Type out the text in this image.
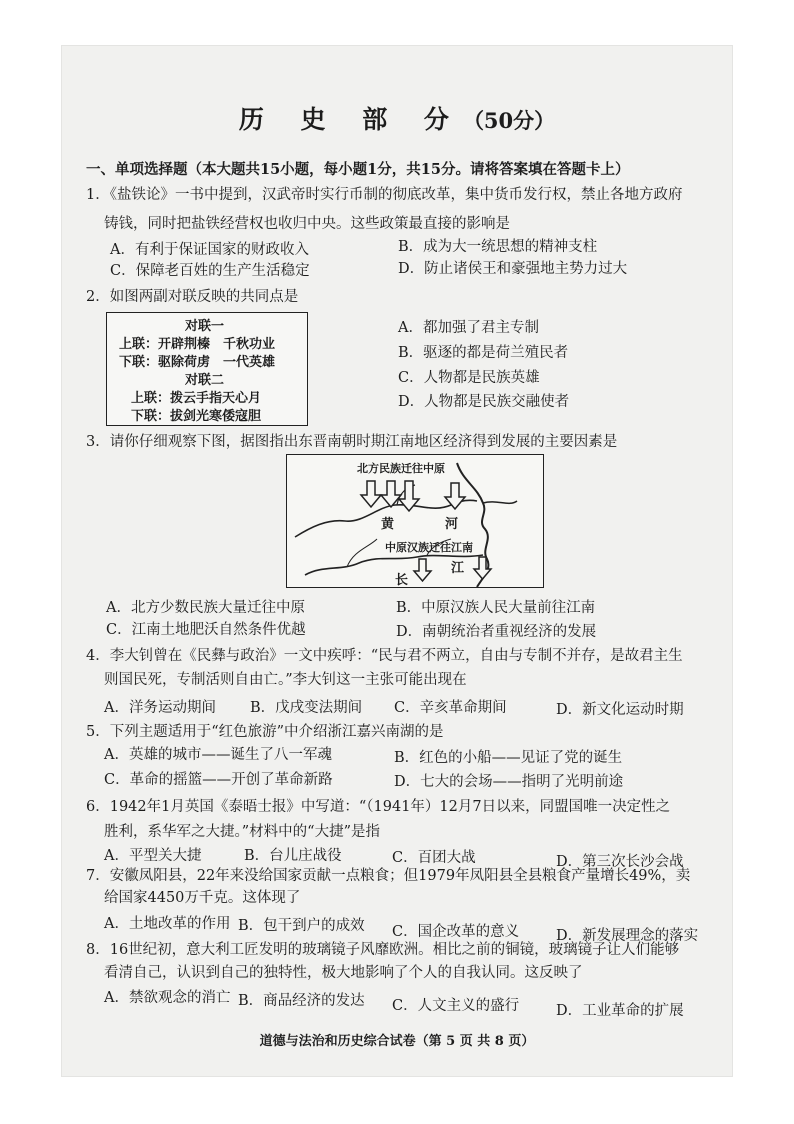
历 史 部 分（50分）
一、单项选择题（本大题共15小题，每小题1分，共15分。请将答案填在答题卡上）
1．《盐铁论》一书中提到，汉武帝时实行币制的彻底改革，集中货币发行权，禁止各地方政府
铸钱，同时把盐铁经营权也收归中央。这些政策最直接的影响是
A．有利于保证国家的财政收入	B．成为大一统思想的精神支柱
C．保障老百姓的生产生活稳定	D．防止诸侯王和豪强地主势力过大
2．如图两副对联反映的共同点是
对联一
上联：开辟荆榛　千秋功业
下联：驱除荷虏　一代英雄
对联二
上联：拨云手指天心月
下联：拔剑光寒倭寇胆
A．都加强了君主专制
B．驱逐的都是荷兰殖民者
C．人物都是民族英雄
D．人物都是民族交融使者
3．请你仔细观察下图，据图指出东晋南朝时期江南地区经济得到发展的主要因素是
北方民族迁往中原
黄	河
中原汉族迁往江南
江
长
A．北方少数民族大量迁往中原	B．中原汉族人民大量前往江南
C．江南土地肥沃自然条件优越	D．南朝统治者重视经济的发展
4．李大钊曾在《民彝与政治》一文中疾呼：“民与君不两立，自由与专制不并存，是故君主生
则国民死，专制活则自由亡。”李大钊这一主张可能出现在
A．洋务运动期间 B．戊戌变法期间 C．辛亥革命期间	D．新文化运动时期
5．下列主题适用于“红色旅游”中介绍浙江嘉兴南湖的是
A．英雄的城市——诞生了八一军魂	B．红色的小船——见证了党的诞生
C．革命的摇篮——开创了革命新路	D．七大的会场——指明了光明前途
6．1942年1月英国《泰晤士报》中写道：“（1941年）12月7日以来，同盟国唯一决定性之
胜利，系华军之大捷。”材料中的“大捷”是指
A．平型关大捷	B．台儿庄战役	C．百团大战	D．第三次长沙会战
7．安徽凤阳县，22年来没给国家贡献一点粮食；但1979年凤阳县全县粮食产量增长49%，卖
给国家4450万千克。这体现了
A．土地改革的作用 B．包干到户的成效 C．国企改革的意义	D．新发展理念的落实
8．16世纪初，意大利工匠发明的玻璃镜子风靡欧洲。相比之前的铜镜，玻璃镜子让人们能够
看清自己，认识到自己的独特性，极大地影响了个人的自我认同。这反映了
A．禁欲观念的消亡 B．商品经济的发达 C．人文主义的盛行	D．工业革命的扩展
道德与法治和历史综合试卷（第 5 页 共 8 页）
